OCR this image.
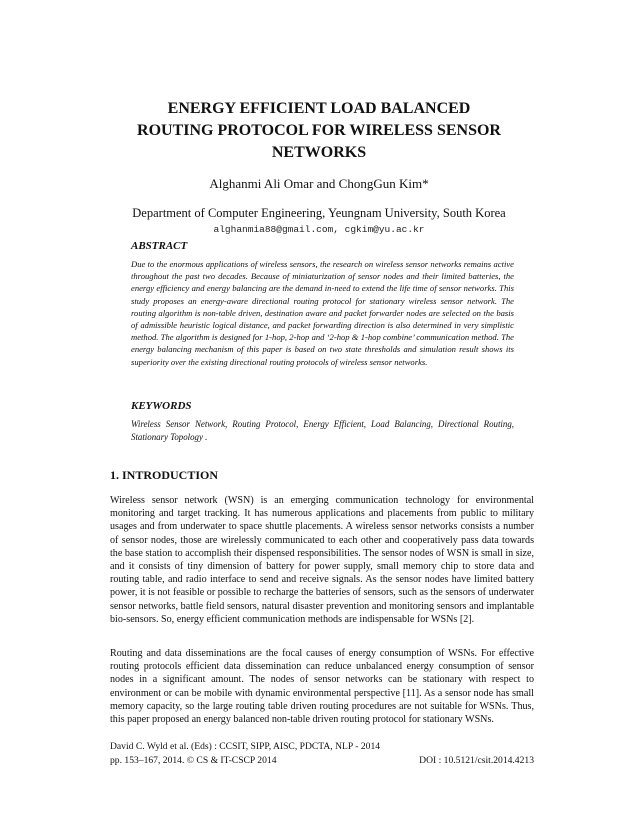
ENERGY EFFICIENT LOAD BALANCED
ROUTING PROTOCOL FOR WIRELESS SENSOR
NETWORKS
Alghanmi Ali Omar and ChongGun Kim*
Department of Computer Engineering, Yeungnam University, South Korea
alghanmia88@gmail.com, cgkim@yu.ac.kr
ABSTRACT
Due to the enormous applications of wireless sensors, the research on wireless sensor networks remains active throughout the past two decades. Because of miniaturization of sensor nodes and their limited batteries, the energy efficiency and energy balancing are the demand in-need to extend the life time of sensor networks. This study proposes an energy-aware directional routing protocol for stationary wireless sensor network. The routing algorithm is non-table driven, destination aware and packet forwarder nodes are selected on the basis of admissible heuristic logical distance, and packet forwarding direction is also determined in very simplistic method. The algorithm is designed for 1-hop, 2-hop and ‘2-hop & 1-hop combine’ communication method. The energy balancing mechanism of this paper is based on two state thresholds and simulation result shows its superiority over the existing directional routing protocols of wireless sensor networks.
KEYWORDS
Wireless Sensor Network, Routing Protocol, Energy Efficient, Load Balancing, Directional Routing, Stationary Topology .
1. INTRODUCTION
Wireless sensor network (WSN) is an emerging communication technology for environmental monitoring and target tracking. It has numerous applications and placements from public to military usages and from underwater to space shuttle placements. A wireless sensor networks consists a number of sensor nodes, those are wirelessly communicated to each other and cooperatively pass data towards the base station to accomplish their dispensed responsibilities. The sensor nodes of WSN is small in size, and it consists of tiny dimension of battery for power supply, small memory chip to store data and routing table, and radio interface to send and receive signals. As the sensor nodes have limited battery power, it is not feasible or possible to recharge the batteries of sensors, such as the sensors of underwater sensor networks, battle field sensors, natural disaster prevention and monitoring sensors and implantable bio-sensors. So, energy efficient communication methods are indispensable for WSNs [2].
Routing and data disseminations are the focal causes of energy consumption of WSNs. For effective routing protocols efficient data dissemination can reduce unbalanced energy consumption of sensor nodes in a significant amount. The nodes of sensor networks can be stationary with respect to environment or can be mobile with dynamic environmental perspective [11]. As a sensor node has small memory capacity, so the large routing table driven routing procedures are not suitable for WSNs. Thus, this paper proposed an energy balanced non-table driven routing protocol for stationary WSNs.
David C. Wyld et al. (Eds) : CCSIT, SIPP, AISC, PDCTA, NLP - 2014
pp. 153–167, 2014. © CS & IT-CSCP 2014	DOI : 10.5121/csit.2014.4213
